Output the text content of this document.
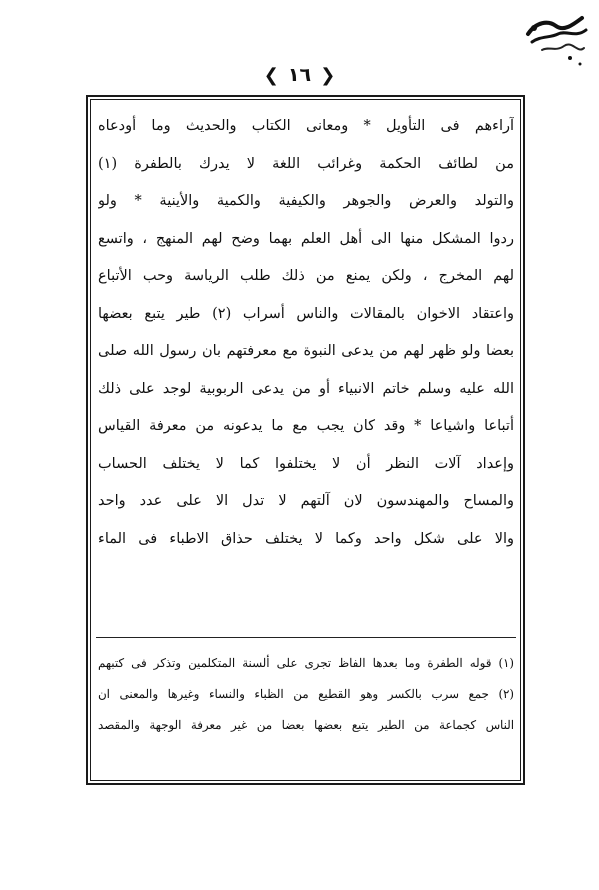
❮ ١٦ ❯
آراءهم فى التأويل * ومعانى الكتاب والحديث وما أودعاه
من لطائف الحكمة وغرائب اللغة لا يدرك بالطفرة (١)
والتولد والعرض والجوهر والكيفية والكمية والأينية * ولو
ردوا المشكل منها الى أهل العلم بهما وضح لهم المنهج ، واتسع
لهم المخرج ، ولكن يمنع من ذلك طلب الرياسة وحب الأتباع
واعتقاد الاخوان بالمقالات والناس أسراب (٢) طير يتبع بعضها
بعضا ولو ظهر لهم من يدعى النبوة مع معرفتهم بان رسول الله صلى
الله عليه وسلم خاتم الانبياء أو من يدعى الربوبية لوجد على ذلك
أتباعا واشياعا * وقد كان يجب مع ما يدعونه من معرفة القياس
وإعداد آلات النظر أن لا يختلفوا كما لا يختلف الحساب
والمساح والمهندسون لان آلتهم لا تدل الا على عدد واحد
والا على شكل واحد وكما لا يختلف حذاق الاطباء فى الماء
(١) قوله الطفرة وما بعدها الفاظ تجرى على ألسنة المتكلمين وتذكر فى كتبهم
(٢) جمع سرب بالكسر وهو القطيع من الظباء والنساء وغيرها والمعنى ان
الناس كجماعة من الطير يتبع بعضها بعضا من غير معرفة الوجهة والمقصد
